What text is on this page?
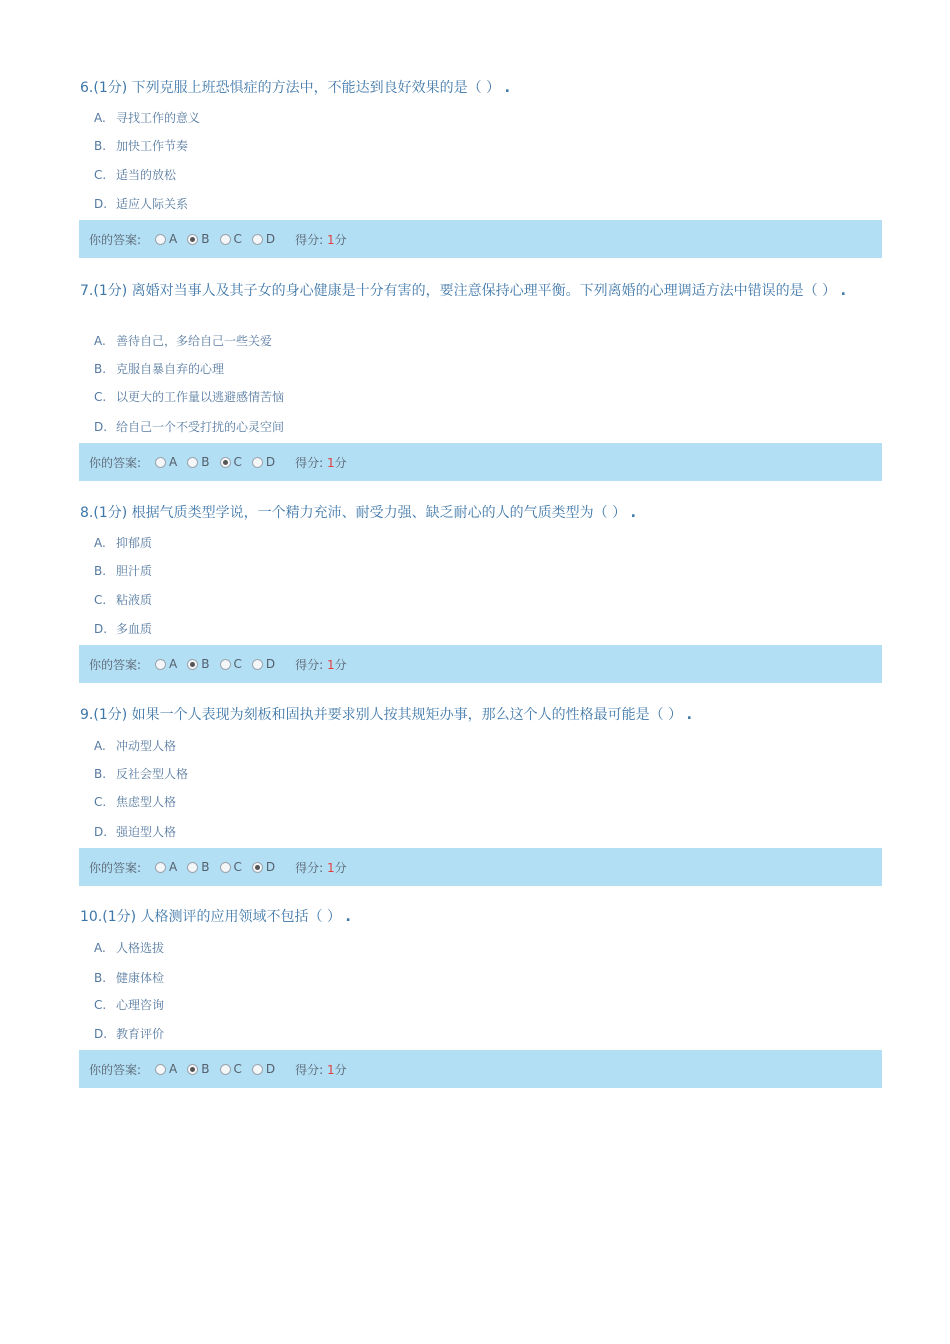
6.(1分) 下列克服上班恐惧症的方法中，不能达到良好效果的是（ ） .
A. 寻找工作的意义
B. 加快工作节奏
C. 适当的放松
D. 适应人际关系
你的答案: A B C D 得分: 1分
7.(1分) 离婚对当事人及其子女的身心健康是十分有害的，要注意保持心理平衡。下列离婚的心理调适方法中错误的是（ ） .
A. 善待自己，多给自己一些关爱
B. 克服自暴自弃的心理
C. 以更大的工作量以逃避感情苦恼
D. 给自己一个不受打扰的心灵空间
你的答案: A B C D 得分: 1分
8.(1分) 根据气质类型学说，一个精力充沛、耐受力强、缺乏耐心的人的气质类型为（ ） .
A. 抑郁质
B. 胆汁质
C. 粘液质
D. 多血质
你的答案: A B C D 得分: 1分
9.(1分) 如果一个人表现为刻板和固执并要求别人按其规矩办事，那么这个人的性格最可能是（ ） .
A. 冲动型人格
B. 反社会型人格
C. 焦虑型人格
D. 强迫型人格
你的答案: A B C D 得分: 1分
10.(1分) 人格测评的应用领域不包括（ ） .
A. 人格选拔
B. 健康体检
C. 心理咨询
D. 教育评价
你的答案: A B C D 得分: 1分
